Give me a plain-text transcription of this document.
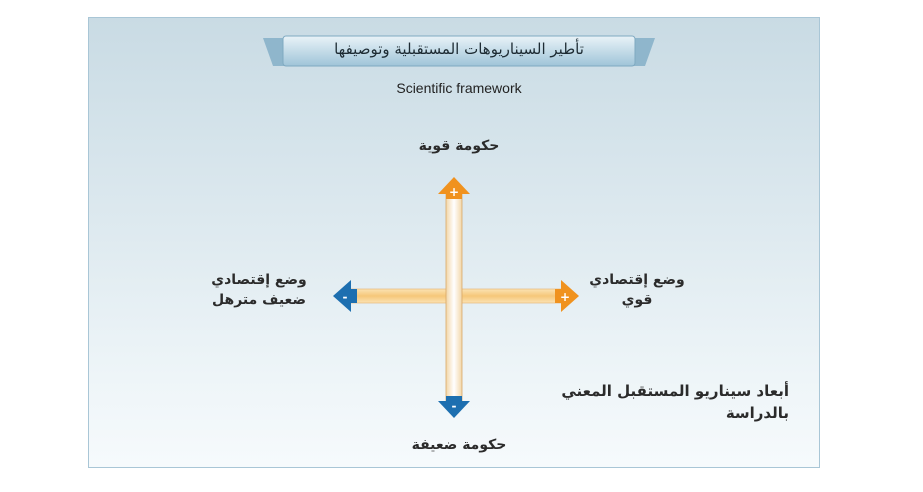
تأطير السيناريوهات المستقبلية وتوصيفها
Scientific framework
+
-
+
-
حكومة قوية
حكومة ضعيفة
وضع إقتصادي
ضعيف مترهل
وضع إقتصادي
قوي
أبعاد سيناريو المستقبل المعني
بالدراسة
